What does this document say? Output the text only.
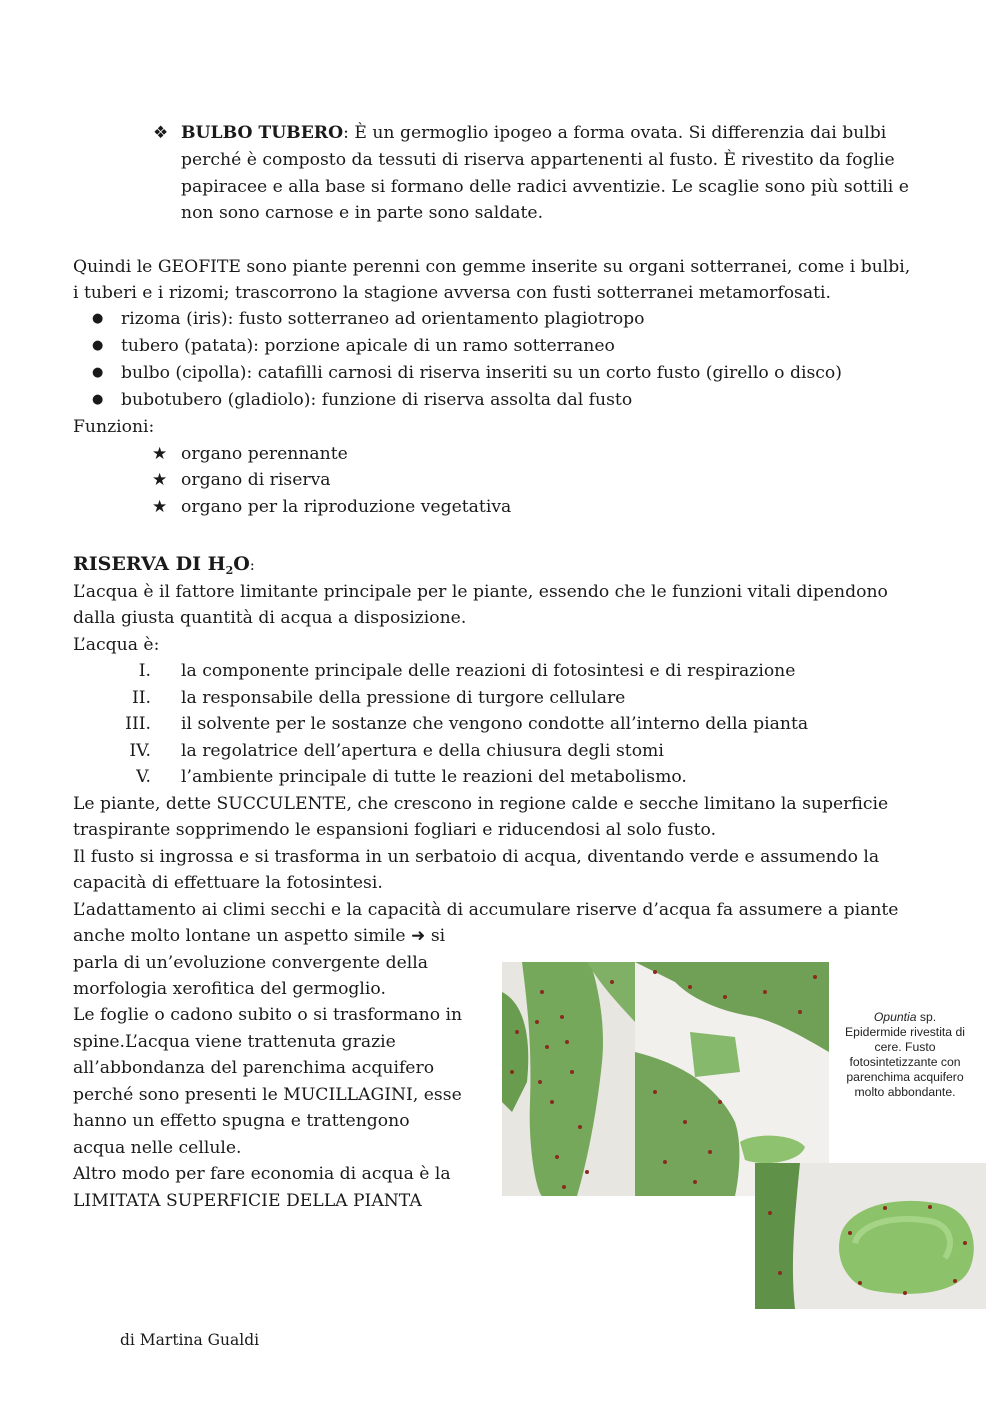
❖ BULBO TUBERO: È un germoglio ipogeo a forma ovata. Si differenzia dai bulbi
perché è composto da tessuti di riserva appartenenti al fusto. È rivestito da foglie
papiracee e alla base si formano delle radici avventizie. Le scaglie sono più sottili e
non sono carnose e in parte sono saldate.
Quindi le GEOFITE sono piante perenni con gemme inserite su organi sotterranei, come i bulbi,
i tuberi e i rizomi; trascorrono la stagione avversa con fusti sotterranei metamorfosati.
● rizoma (iris): fusto sotterraneo ad orientamento plagiotropo
● tubero (patata): porzione apicale di un ramo sotterraneo
● bulbo (cipolla): catafilli carnosi di riserva inseriti su un corto fusto (girello o disco)
● bubotubero (gladiolo): funzione di riserva assolta dal fusto
Funzioni:
★ organo perennante
★ organo di riserva
★ organo per la riproduzione vegetativa
RISERVA DI $H_2O$:
L’acqua è il fattore limitante principale per le piante, essendo che le funzioni vitali dipendono
dalla giusta quantità di acqua a disposizione.
L’acqua è:
I. la componente principale delle reazioni di fotosintesi e di respirazione
II. la responsabile della pressione di turgore cellulare
III. il solvente per le sostanze che vengono condotte all’interno della pianta
IV. la regolatrice dell’apertura e della chiusura degli stomi
V. l’ambiente principale di tutte le reazioni del metabolismo.
Le piante, dette SUCCULENTE, che crescono in regione calde e secche limitano la superficie
traspirante sopprimendo le espansioni fogliari e riducendosi al solo fusto.
Il fusto si ingrossa e si trasforma in un serbatoio di acqua, diventando verde e assumendo la
capacità di effettuare la fotosintesi.
L’adattamento ai climi secchi e la capacità di accumulare riserve d’acqua fa assumere a piante
anche molto lontane un aspetto simile ➜ si
parla di un’evoluzione convergente della
morfologia xerofitica del germoglio.
Le foglie o cadono subito o si trasformano in
spine.L’acqua viene trattenuta grazie
all’abbondanza del parenchima acquifero
perché sono presenti le MUCILLAGINI, esse
hanno un effetto spugna e trattengono
acqua nelle cellule.
Altro modo per fare economia di acqua è la
LIMITATA SUPERFICIE DELLA PIANTA
Opuntia sp.
Epidermide rivestita di
cere. Fusto
fotosintetizzante con
parenchima acquifero
molto abbondante.
di Martina Gualdi
